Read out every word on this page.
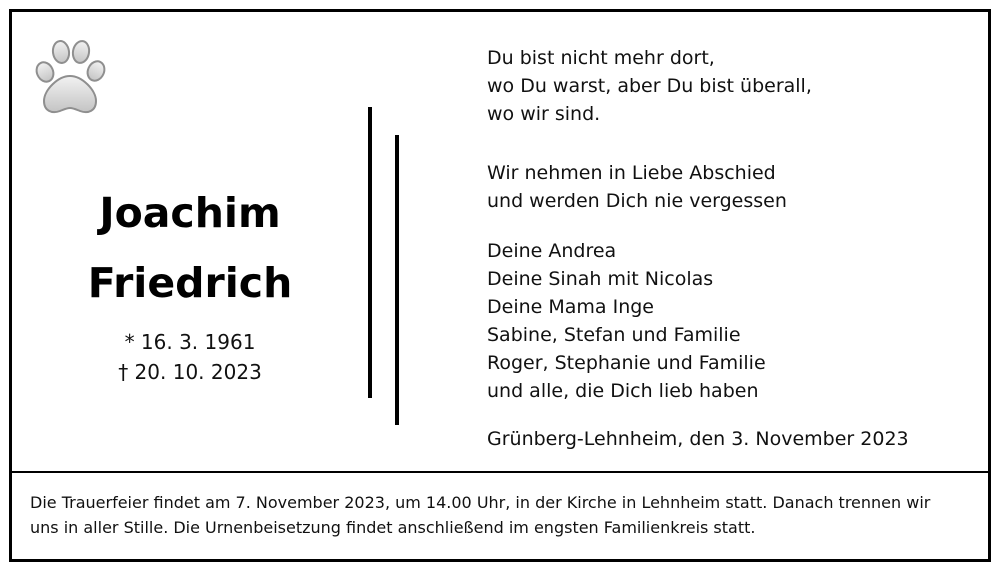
Joachim
Friedrich
* 16. 3. 1961
† 20. 10. 2023
Du bist nicht mehr dort,
wo Du warst, aber Du bist überall,
wo wir sind.
Wir nehmen in Liebe Abschied
und werden Dich nie vergessen
Deine Andrea
Deine Sinah mit Nicolas
Deine Mama Inge
Sabine, Stefan und Familie
Roger, Stephanie und Familie
und alle, die Dich lieb haben
Grünberg-Lehnheim, den 3. November 2023
Die Trauerfeier findet am 7. November 2023, um 14.00 Uhr, in der Kirche in Lehnheim statt. Danach trennen wir
uns in aller Stille. Die Urnenbeisetzung findet anschließend im engsten Familienkreis statt.
